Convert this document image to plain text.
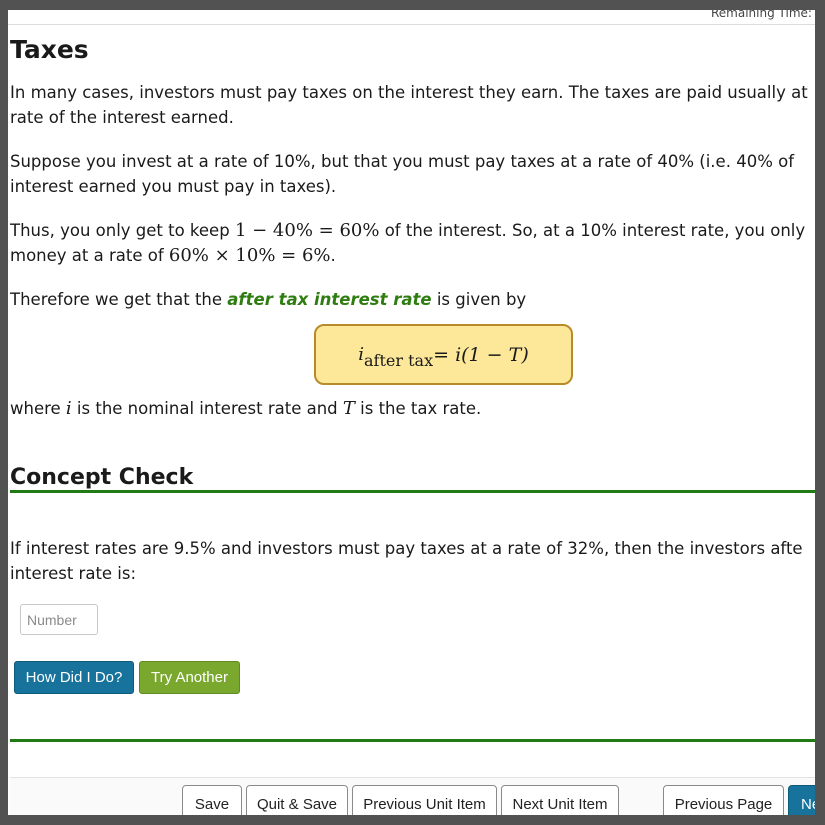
Remaining Time: (
Taxes

In many cases, investors must pay taxes on the interest they earn. The taxes are paid usually at

rate of the interest earned.

Suppose you invest at a rate of 10%, but that you must pay taxes at a rate of 40% (i.e. 40% of

interest earned you must pay in taxes).

Thus, you only get to keep 1 − 40% = 60% of the interest. So, at a 10% interest rate, you only

money at a rate of 60% × 10% = 6%.

Therefore we get that the after tax interest rate is given by

i after tax = i(1 − T)

where i is the nominal interest rate and T is the tax rate.

Concept Check

If interest rates are 9.5% and investors must pay taxes at a rate of 32%, then the investors afte

interest rate is:

Number
How Did I Do?	Try Another
Save	Quit & Save	Previous Unit Item	Next Unit Item	Previous Page	Ne
